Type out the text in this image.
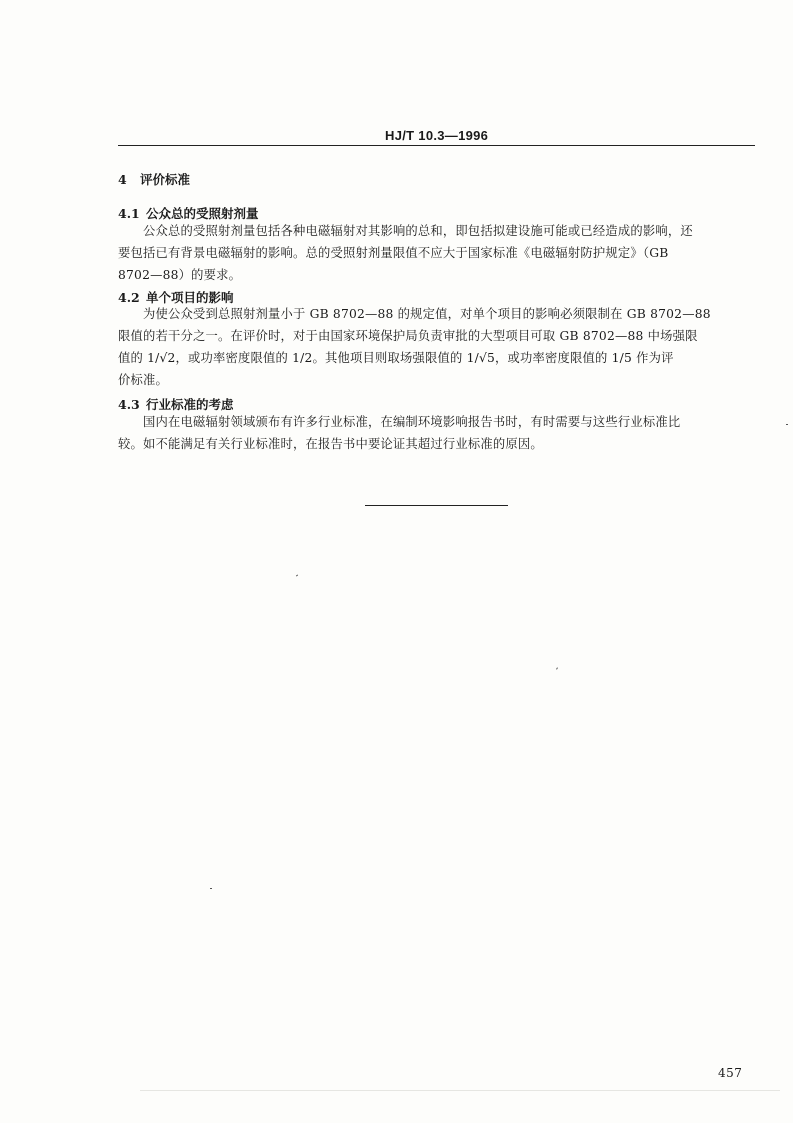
HJ/T 10.3—1996
4 评价标准
4.1 公众总的受照射剂量
公众总的受照射剂量包括各种电磁辐射对其影响的总和，即包括拟建设施可能或已经造成的影响，还
要包括已有背景电磁辐射的影响。总的受照射剂量限值不应大于国家标准《电磁辐射防护规定》（GB
8702—88）的要求。
4.2 单个项目的影响
为使公众受到总照射剂量小于 GB 8702—88 的规定值，对单个项目的影响必须限制在 GB 8702—88
限值的若干分之一。在评价时，对于由国家环境保护局负责审批的大型项目可取 GB 8702—88 中场强限
值的 1/√2，或功率密度限值的 1/2。其他项目则取场强限值的 1/√5，或功率密度限值的 1/5 作为评
价标准。
4.3 行业标准的考虑
国内在电磁辐射领域颁布有许多行业标准，在编制环境影响报告书时，有时需要与这些行业标准比
较。如不能满足有关行业标准时，在报告书中要论证其超过行业标准的原因。
457
